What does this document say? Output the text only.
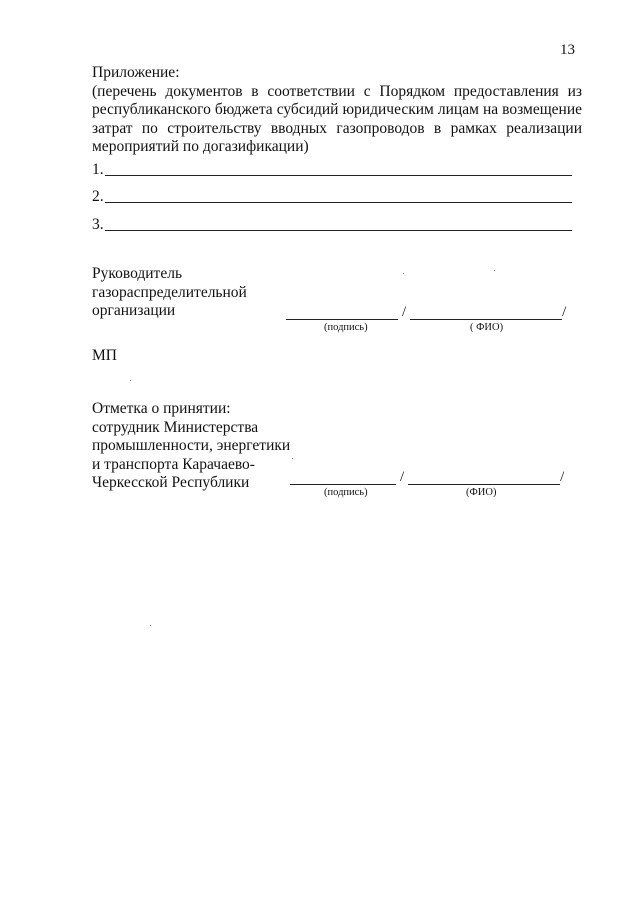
13
Приложение:
(перечень документов в соответствии с Порядком предоставления из республиканского бюджета субсидий юридическим лицам на возмещение затрат по строительству вводных газопроводов в рамках реализации мероприятий по догазификации)
1.
2.
3.
Руководитель
газораспределительной
организации	/	/
(подпись)	( ФИО)
МП
Отметка о принятии:
сотрудник Министерства
промышленности, энергетики
и транспорта Карачаево-
Черкесской Республики	/	/
(подпись)	(ФИО)
